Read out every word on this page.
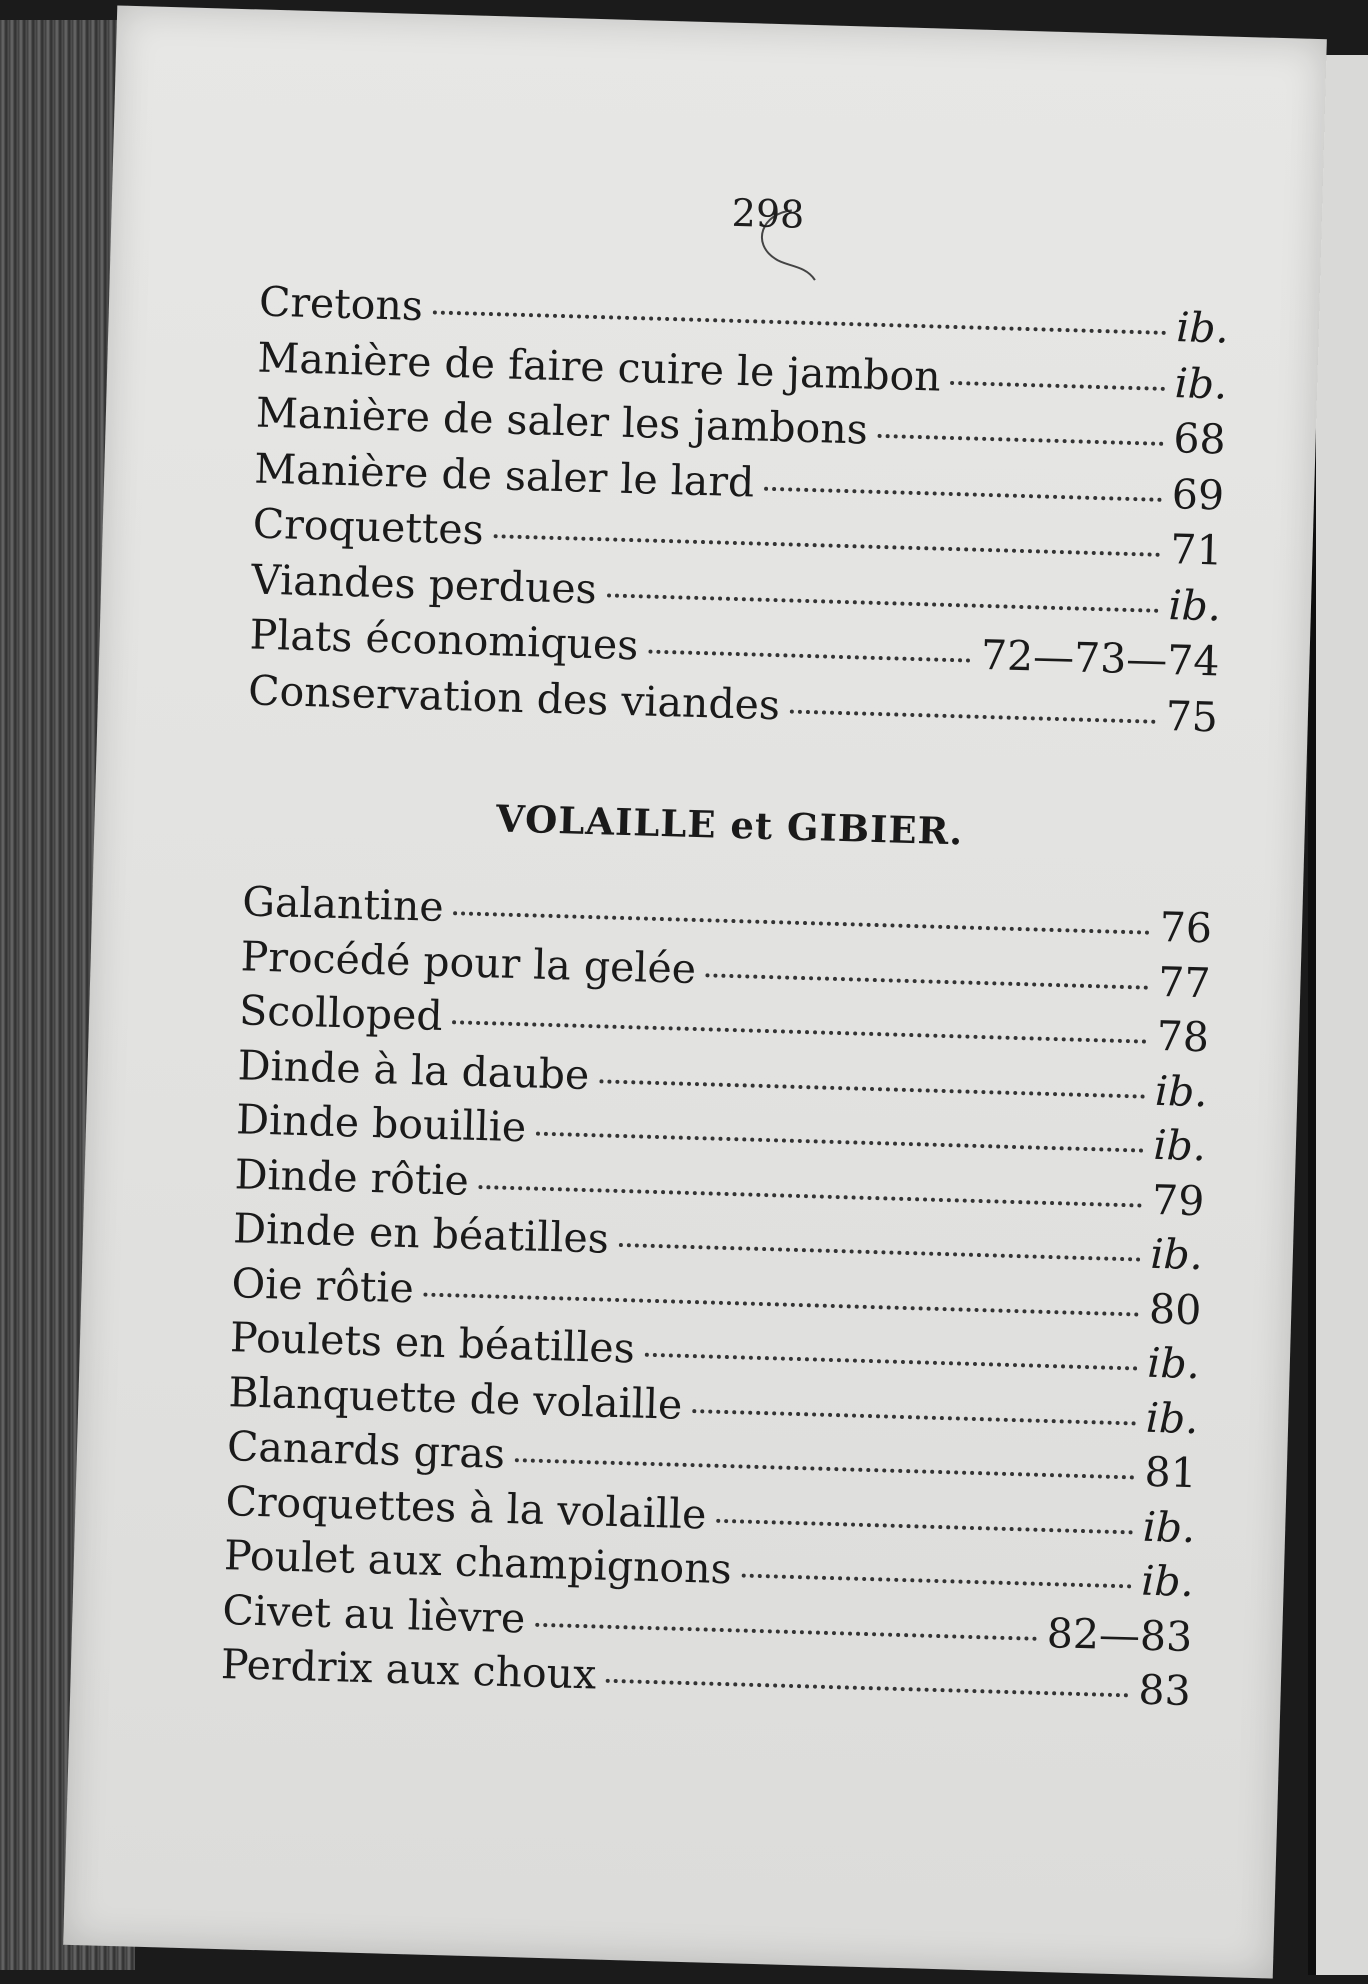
298
Cretons	ib.
Manière de faire cuire le jambon	ib.
Manière de saler les jambons	68
Manière de saler le lard	69
Croquettes	71
Viandes perdues	ib.
Plats économiques	72—73—74
Conservation des viandes	75
VOLAILLE et GIBIER.
Galantine	76
Procédé pour la gelée	77
Scolloped	78
Dinde à la daube	ib.
Dinde bouillie	ib.
Dinde rôtie	79
Dinde en béatilles	ib.
Oie rôtie	80
Poulets en béatilles	ib.
Blanquette de volaille	ib.
Canards gras	81
Croquettes à la volaille	ib.
Poulet aux champignons	ib.
Civet au lièvre	82—83
Perdrix aux choux	83
